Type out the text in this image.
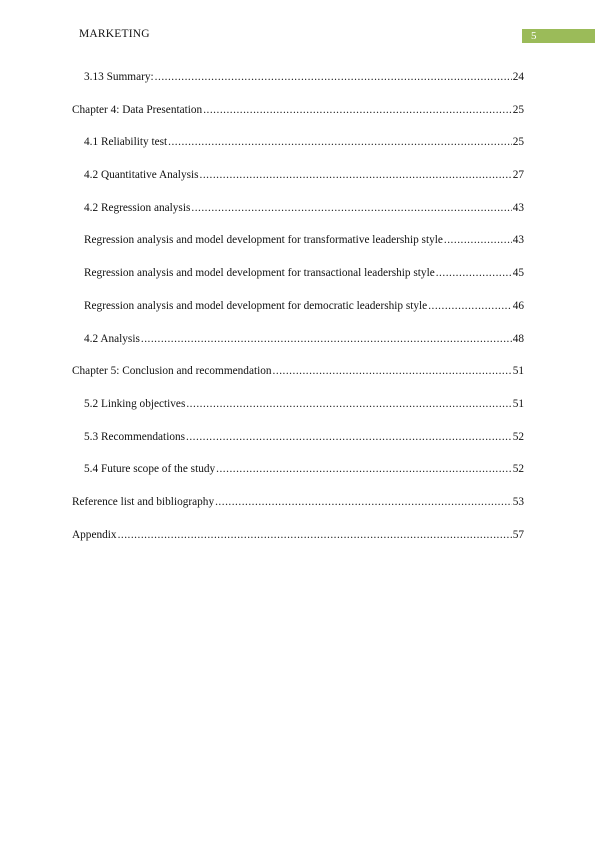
MARKETING	5
3.13 Summary: .....	24
Chapter 4: Data Presentation .....	25
4.1 Reliability test .....	25
4.2 Quantitative Analysis .....	27
4.2 Regression analysis .....	43
Regression analysis and model development for transformative leadership style .....	43
Regression analysis and model development for transactional leadership style .....	45
Regression analysis and model development for democratic leadership style .....	46
4.2 Analysis .....	48
Chapter 5: Conclusion and recommendation .....	51
5.2 Linking objectives .....	51
5.3 Recommendations .....	52
5.4 Future scope of the study .....	52
Reference list and bibliography .....	53
Appendix .....	57
